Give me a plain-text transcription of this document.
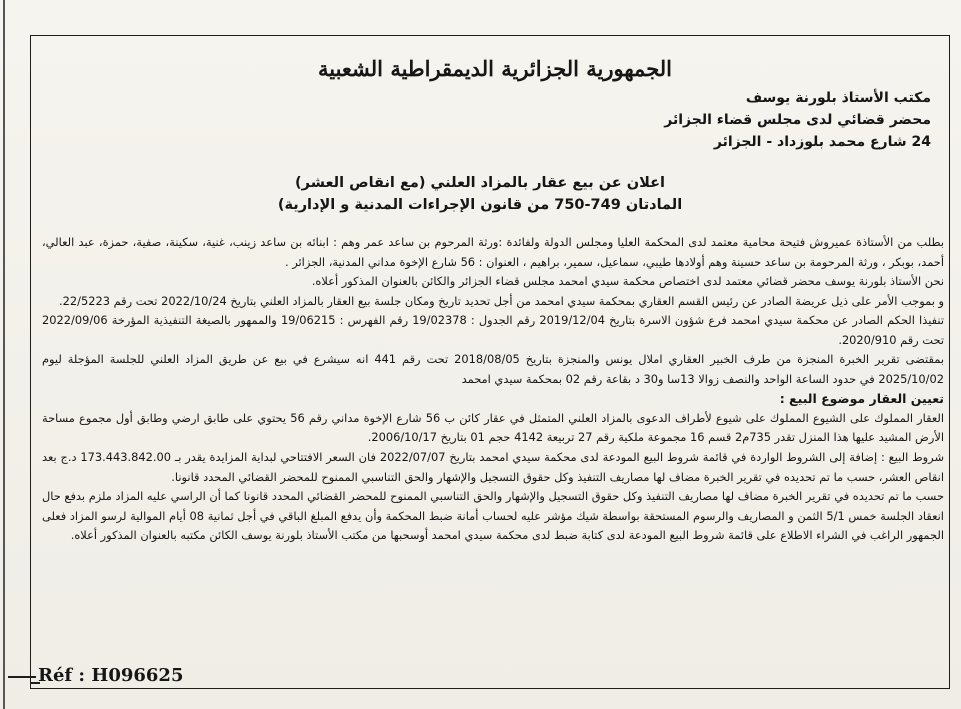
الجمهورية الجزائرية الديمقراطية الشعبية
مكتب الأستاذ بلورنة يوسف
محضر قضائي لدى مجلس قضاء الجزائر
24 شارع محمد بلوزداد - الجزائر
اعلان عن بيع عقار بالمزاد العلني (مع انقاص العشر)
المادتان 749-750 من قانون الإجراءات المدنية و الإدارية)

بطلب من الأستاذة عميروش فتيحة محامية معتمد لدى المحكمة العليا ومجلس الدولة ولفائدة :ورثة المرحوم بن ساعد عمر وهم : ابنائه بن ساعد زينب، غنية، سكينة، صفية، حمزة، عبد العالي، أحمد، بوبكر ، ورثة المرحومة بن ساعد حسينة وهم أولادها طيبي، سماعيل، سمير، براهيم ، العنوان : 56 شارع الإخوة مداني المدنية، الجزائر .

نحن الأستاذ بلورنة يوسف محضر قضائي معتمد لدى اختصاص محكمة سيدي امحمد مجلس قضاء الجزائر والكائن بالعنوان المذكور أعلاه.

و بموجب الأمر على ذيل عريضة الصادر عن رئيس القسم العقاري بمحكمة سيدي امحمد من أجل تحديد تاريخ ومكان جلسة بيع العقار بالمزاد العلني بتاريخ 2022/10/24 تحت رقم 22/5223.

تنفيذا الحكم الصادر عن محكمة سيدي امحمد فرع شؤون الاسرة بتاريخ 2019/12/04 رقم الجدول : 19/02378 رقم الفهرس : 19/06215 والممهور بالصيغة التنفيذية المؤرخة 2022/09/06 تحت رقم 2020/910.

بمقتضى تقرير الخبرة المنجزة من طرف الخبير العقاري املال يونس والمنجزة بتاريخ 2018/08/05 تحت رقم 441 انه سيشرع في بيع عن طريق المزاد العلني للجلسة المؤجلة ليوم 2025/10/02 في حدود الساعة الواحد والنصف زوالا 13سا و30 د بقاعة رقم 02 بمحكمة سيدي امحمد

تعيين العقار موضوع البيع :

العقار المملوك على الشيوع المملوك على شيوع لأطراف الدعوى بالمزاد العلني المتمثل في عقار كائن ب 56 شارع الإخوة مداني رقم 56 يحتوي على طابق ارضي وطابق أول مجموع مساحة الأرض المشيد عليها هذا المنزل تقدر 735م2 قسم 16 مجموعة ملكية رقم 27 تربيعة 4142 حجم 01 بتاريخ 2006/10/17.

شروط البيع : إضافة إلى الشروط الواردة في قائمة شروط البيع المودعة لدى محكمة سيدي امحمد بتاريخ 2022/07/07 فان السعر الافتتاحي لبداية المزايدة يقدر بـ 173.443.842.00 د.ج بعد انقاص العشر، حسب ما تم تحديده في تقرير الخبرة مضاف لها مصاريف التنفيذ وكل حقوق التسجيل والإشهار والحق التناسبي الممنوح للمحضر القضائي المحدد قانونا.

حسب ما تم تحديده في تقرير الخبرة مضاف لها مصاريف التنفيذ وكل حقوق التسجيل والإشهار والحق التناسبي الممنوح للمحضر القضائي المحدد قانونا كما أن الراسي عليه المزاد ملزم بدفع حال انعقاد الجلسة خمس 5/1 الثمن و المصاريف والرسوم المستحقة بواسطة شيك مؤشر عليه لحساب أمانة ضبط المحكمة وأن يدفع المبلغ الباقي في أجل ثمانية 08 أيام الموالية لرسو المزاد فعلى الجمهور الراغب في الشراء الاطلاع على قائمة شروط البيع المودعة لدى كتابة ضبط لدى محكمة سيدي امحمد أوسحبها من مكتب الأستاذ بلورنة يوسف الكائن مكتبه بالعنوان المذكور أعلاه.

Réf : H096625
